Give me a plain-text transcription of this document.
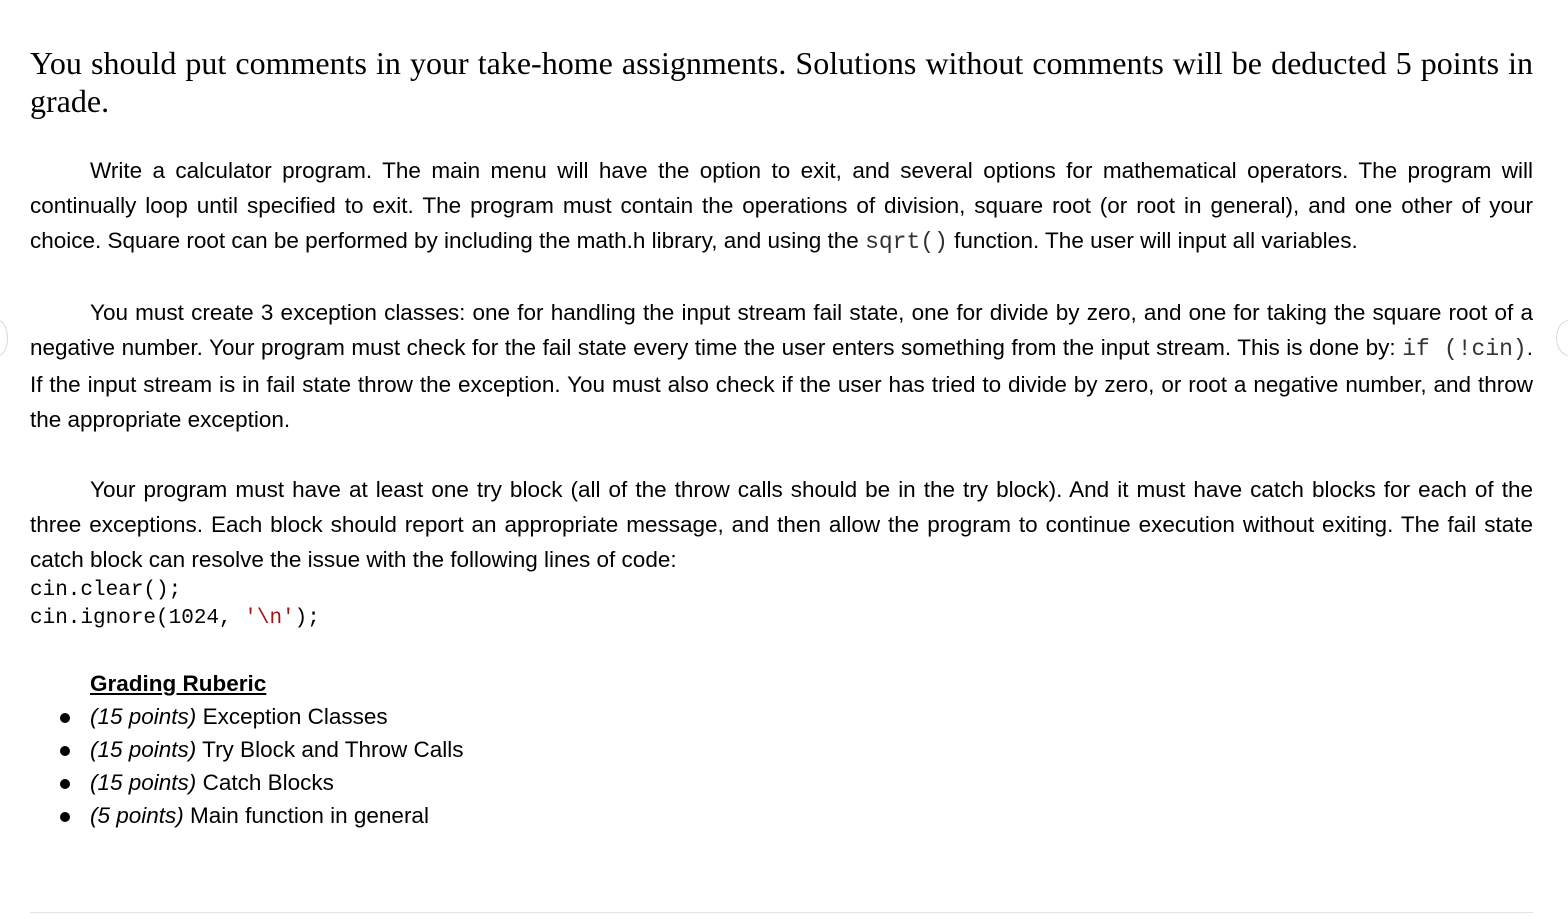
You should put comments in your take-home assignments. Solutions without comments will be deducted 5 points in grade.

Write a calculator program. The main menu will have the option to exit, and several options for mathematical operators. The program will continually loop until specified to exit. The program must contain the operations of division, square root (or root in general), and one other of your choice. Square root can be performed by including the math.h library, and using the sqrt() function. The user will input all variables.

You must create 3 exception classes: one for handling the input stream fail state, one for divide by zero, and one for taking the square root of a negative number. Your program must check for the fail state every time the user enters something from the input stream. This is done by: if (!cin). If the input stream is in fail state throw the exception. You must also check if the user has tried to divide by zero, or root a negative number, and throw the appropriate exception.

Your program must have at least one try block (all of the throw calls should be in the try block). And it must have catch blocks for each of the three exceptions. Each block should report an appropriate message, and then allow the program to continue execution without exiting. The fail state catch block can resolve the issue with the following lines of code:

cin.clear();
cin.ignore(1024, '\n');
Grading Ruberic
(15 points) Exception Classes
(15 points) Try Block and Throw Calls
(15 points) Catch Blocks
(5 points) Main function in general
